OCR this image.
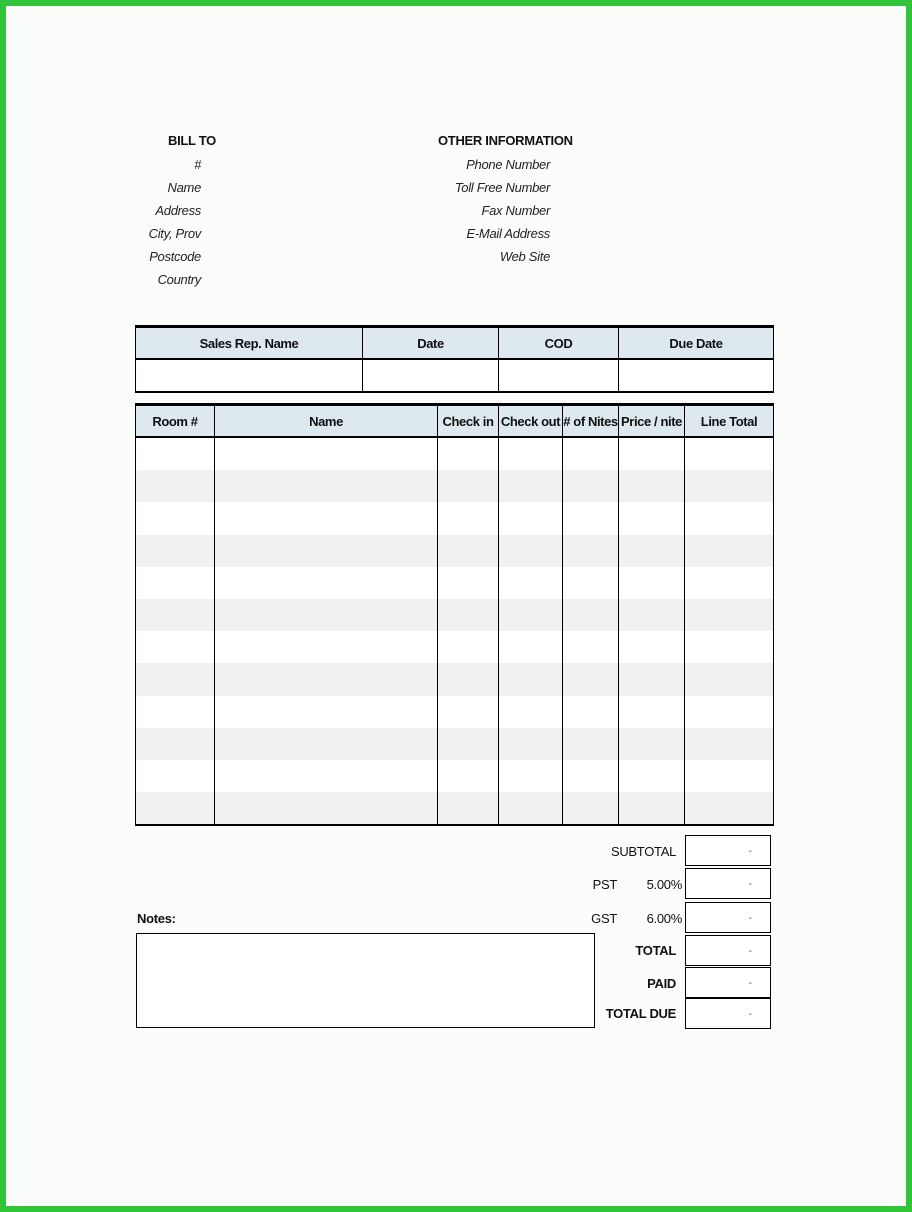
BILL TO
#
Name
Address
City, Prov
Postcode
Country
OTHER INFORMATION
Phone Number
Toll Free Number
Fax Number
E-Mail Address
Web Site
Sales Rep. Name	Date	COD	Due Date

Room #	Name	Check in	Check out	# of Nites	Price / nite	Line Total

SUBTOTAL	-
PST	5.00%	-
Notes:	GST	6.00%	-
TOTAL	-
PAID	-
TOTAL DUE	-
